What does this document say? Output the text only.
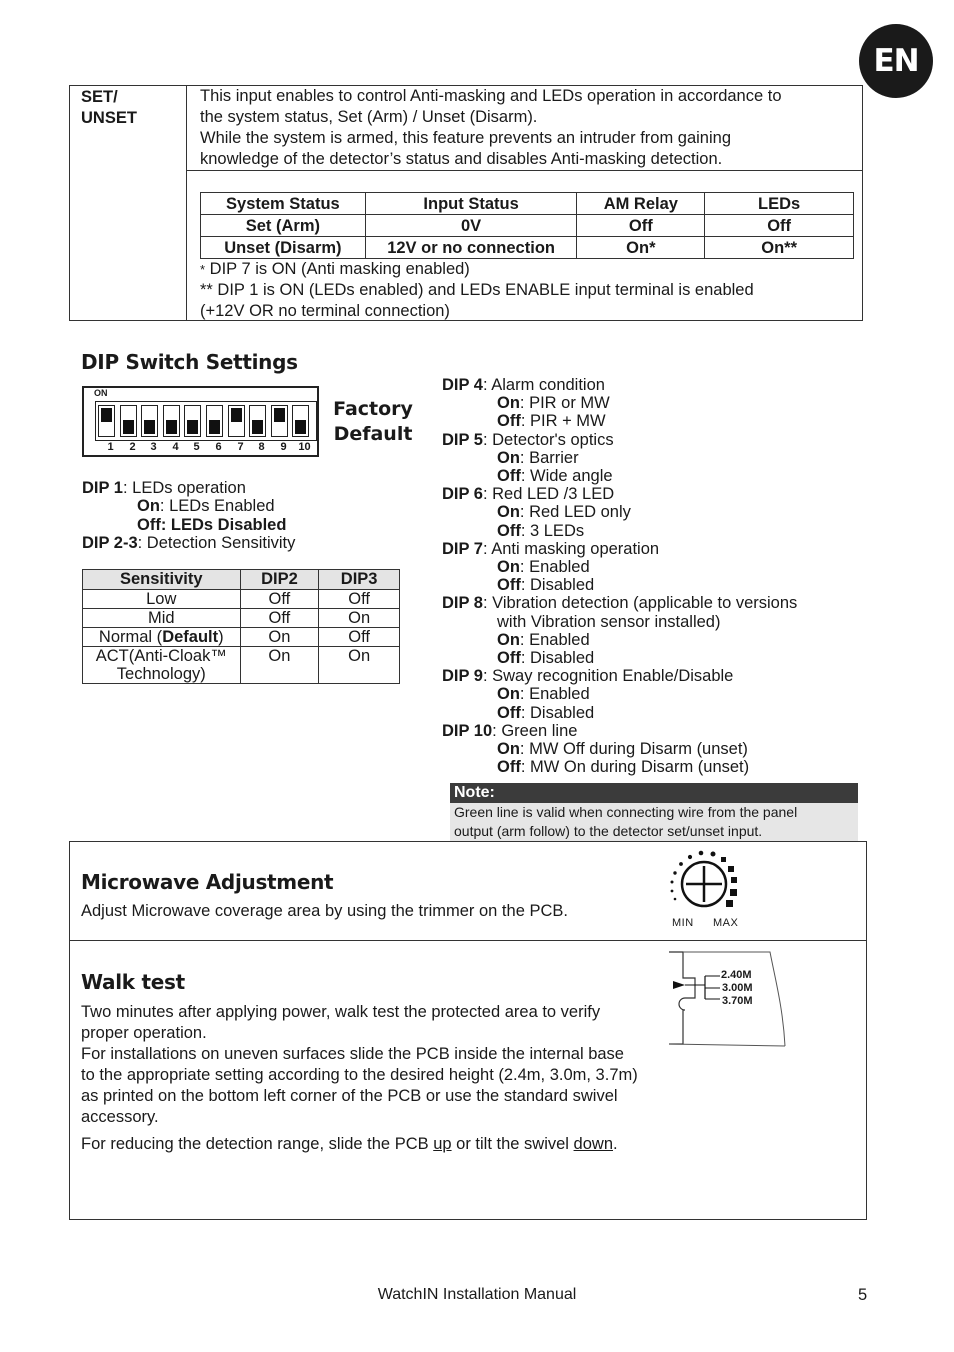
EN
SET/
UNSET
This input enables to control Anti-masking and LEDs operation in accordance to
the system status, Set (Arm) / Unset (Disarm).
While the system is armed, this feature prevents an intruder from gaining
knowledge of the detector’s status and disables Anti-masking detection.
System Status	Input Status	AM Relay	LEDs
Set (Arm)	0V	Off	Off
Unset (Disarm)	12V or no connection	On*	On**
* DIP 7 is ON (Anti masking enabled)
** DIP 1 is ON (LEDs enabled) and LEDs ENABLE input terminal is enabled
(+12V OR no terminal connection)
DIP Switch Settings
ON
1	2	3	4	5	6	7	8	9	10
Factory
Default
DIP 1: LEDs operation
On: LEDs Enabled
Off: LEDs Disabled
DIP 2-3: Detection Sensitivity
Sensitivity	DIP2	DIP3
Low	Off	Off
Mid	Off	On
Normal (Default)	On	Off

ACT(Anti-Cloak™
Technology)	On	On
DIP 4: Alarm condition
On: PIR or MW
Off: PIR + MW
DIP 5: Detector's optics
On: Barrier
Off: Wide angle
DIP 6: Red LED /3 LED
On: Red LED only
Off: 3 LEDs
DIP 7: Anti masking operation
On: Enabled
Off: Disabled
DIP 8: Vibration detection (applicable to versions
with Vibration sensor installed)
On: Enabled
Off: Disabled
DIP 9: Sway recognition Enable/Disable
On: Enabled
Off: Disabled
DIP 10: Green line
On: MW Off during Disarm (unset)
Off: MW On during Disarm (unset)
Note:
Green line is valid when connecting wire from the panel
output (arm follow) to the detector set/unset input.
Microwave Adjustment
Adjust Microwave coverage area by using the trimmer on the PCB.
MIN MAX
Walk test

Two minutes after applying power, walk test the protected area to verify proper operation.

For installations on uneven surfaces slide the PCB inside the internal base to the appropriate setting according to the desired height (2.4m, 3.0m, 3.7m) as printed on the bottom left corner of the PCB or use the standard swivel accessory.

For reducing the detection range, slide the PCB up or tilt the swivel down.

2.40M
3.00M
3.70M
WatchIN Installation Manual	5
